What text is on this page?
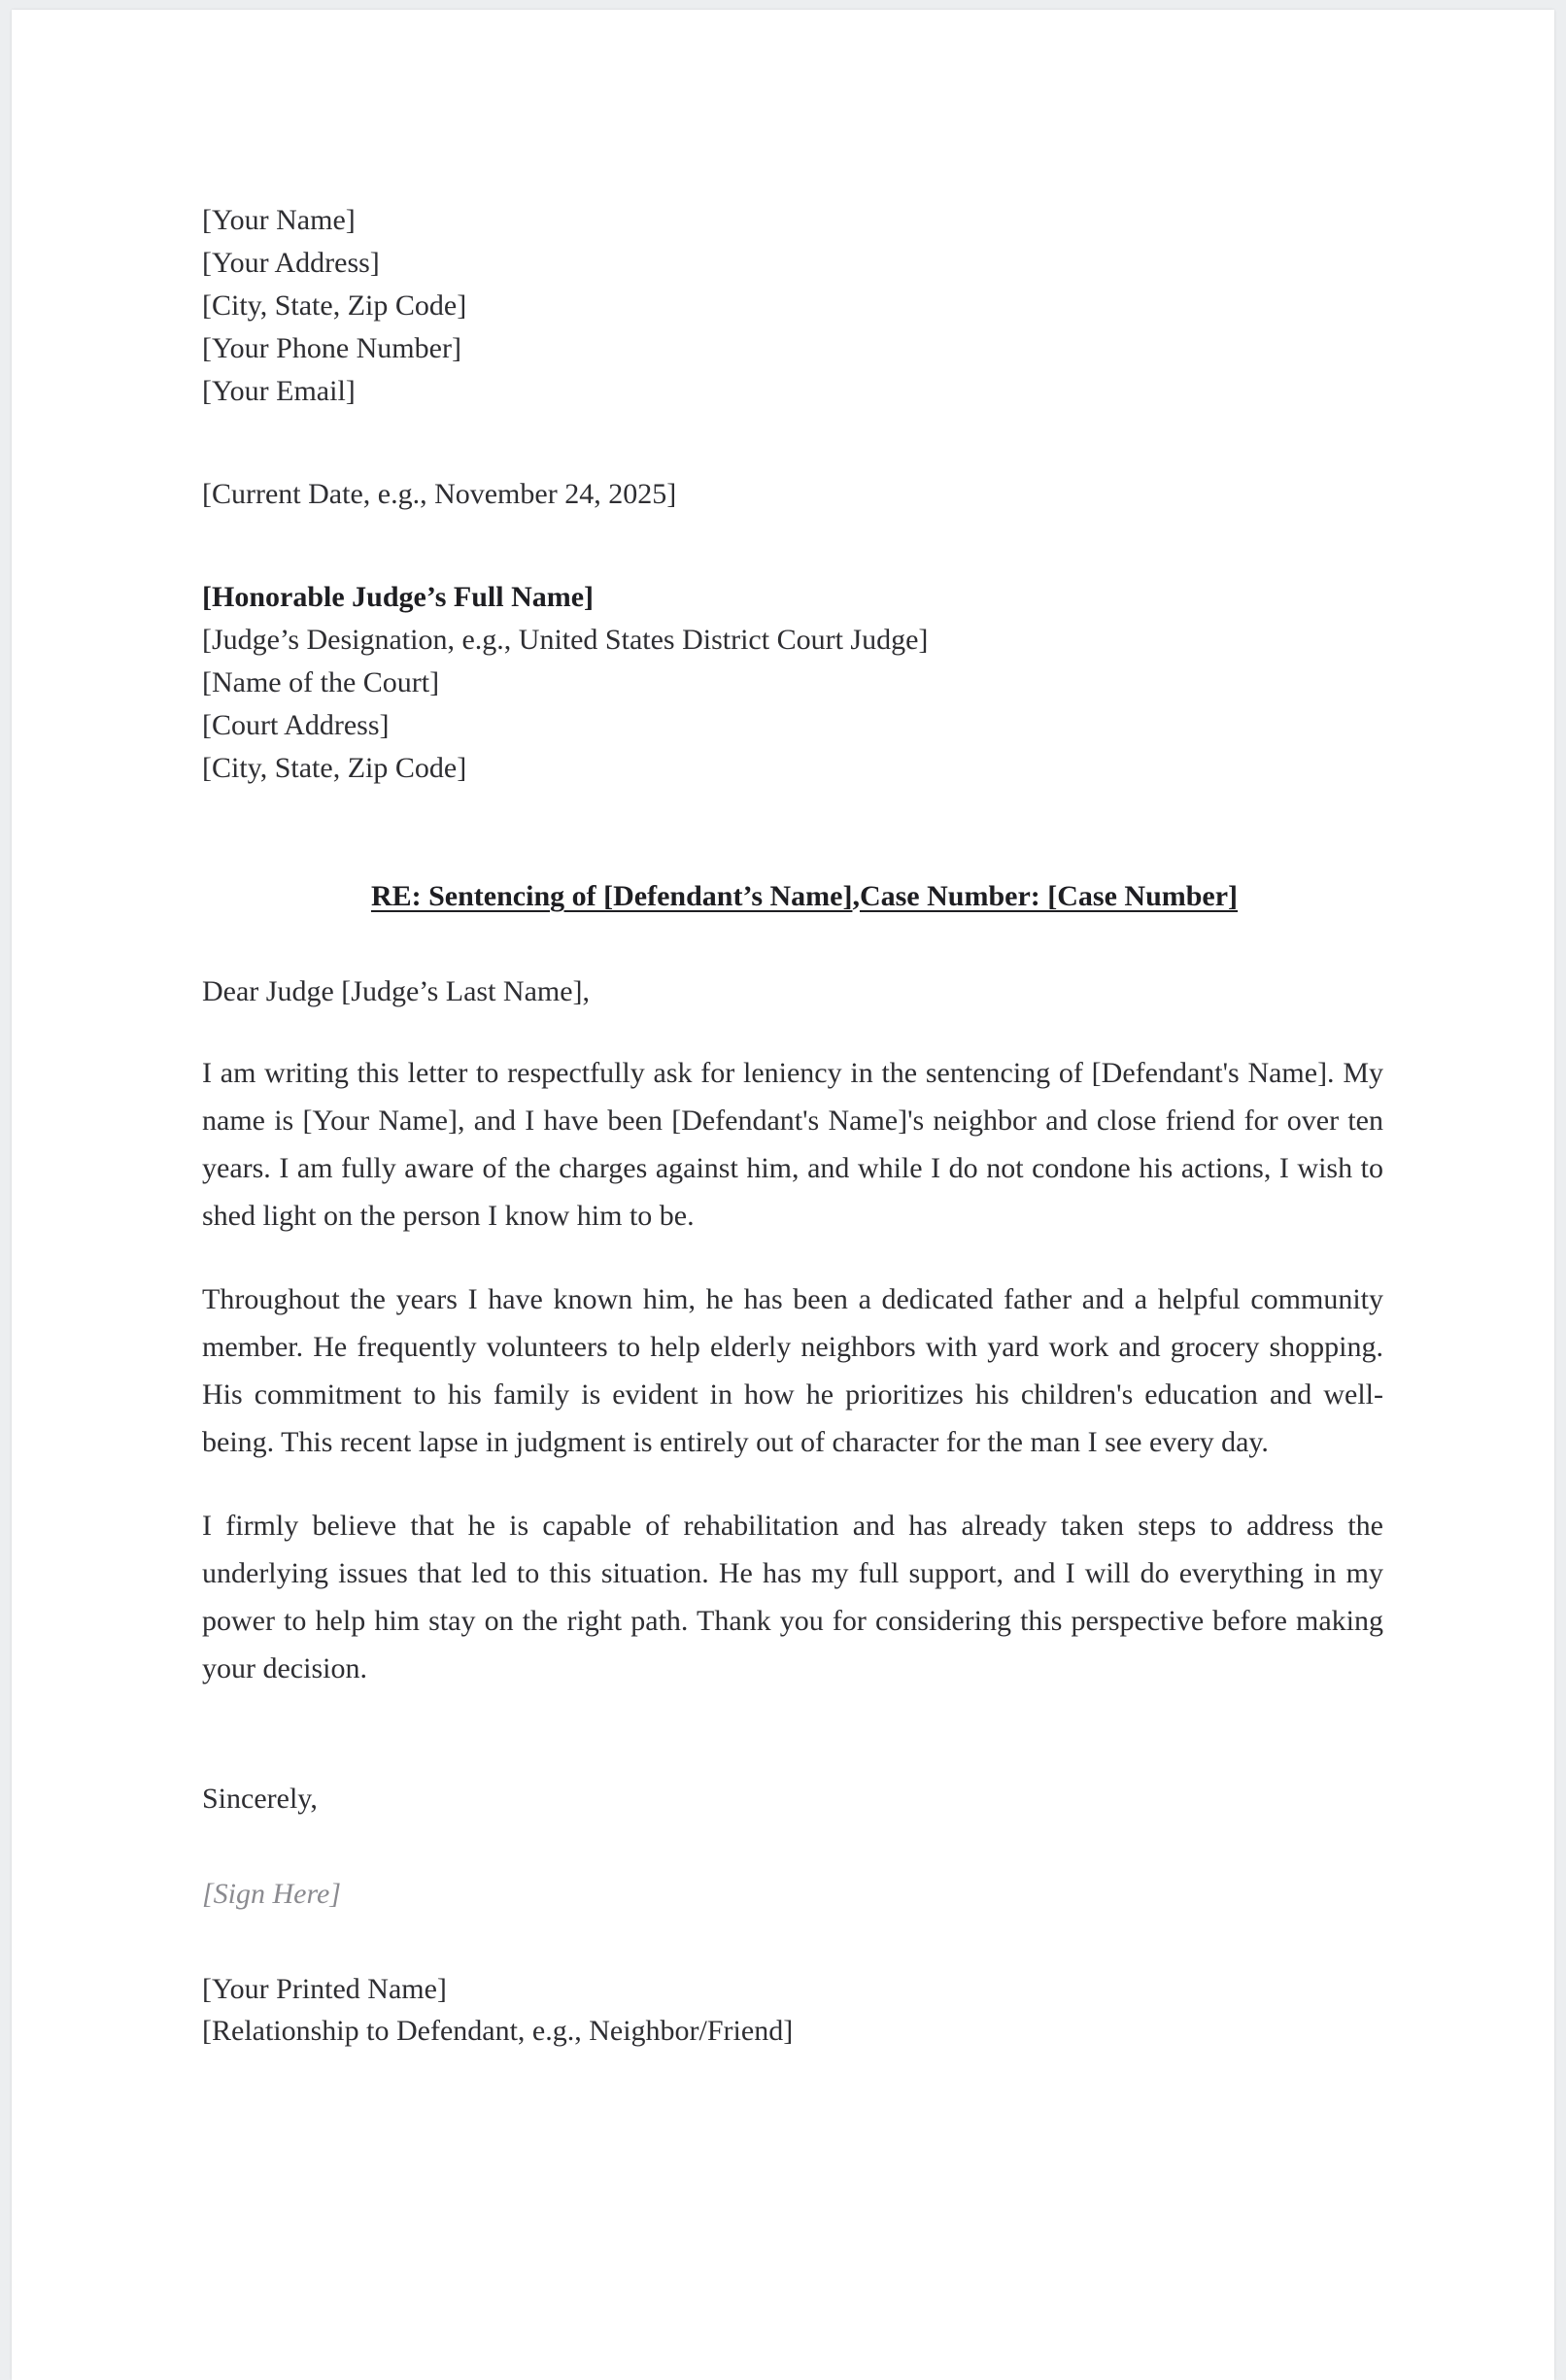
[Your Name]
[Your Address]
[City, State, Zip Code]
[Your Phone Number]
[Your Email]
[Current Date, e.g., November 24, 2025]
[Honorable Judge’s Full Name]
[Judge’s Designation, e.g., United States District Court Judge]
[Name of the Court]
[Court Address]
[City, State, Zip Code]
RE: Sentencing of [Defendant’s Name],Case Number: [Case Number]
Dear Judge [Judge’s Last Name],

I am writing this letter to respectfully ask for leniency in the sentencing of [Defendant's Name]. My name is [Your Name], and I have been [Defendant's Name]'s neighbor and close friend for over ten years. I am fully aware of the charges against him, and while I do not condone his actions, I wish to shed light on the person I know him to be.

Throughout the years I have known him, he has been a dedicated father and a helpful community member. He frequently volunteers to help elderly neighbors with yard work and grocery shopping. His commitment to his family is evident in how he prioritizes his children's education and well-being. This recent lapse in judgment is entirely out of character for the man I see every day.

I firmly believe that he is capable of rehabilitation and has already taken steps to address the underlying issues that led to this situation. He has my full support, and I will do everything in my power to help him stay on the right path. Thank you for considering this perspective before making your decision.

Sincerely,
[Sign Here]
[Your Printed Name]
[Relationship to Defendant, e.g., Neighbor/Friend]
